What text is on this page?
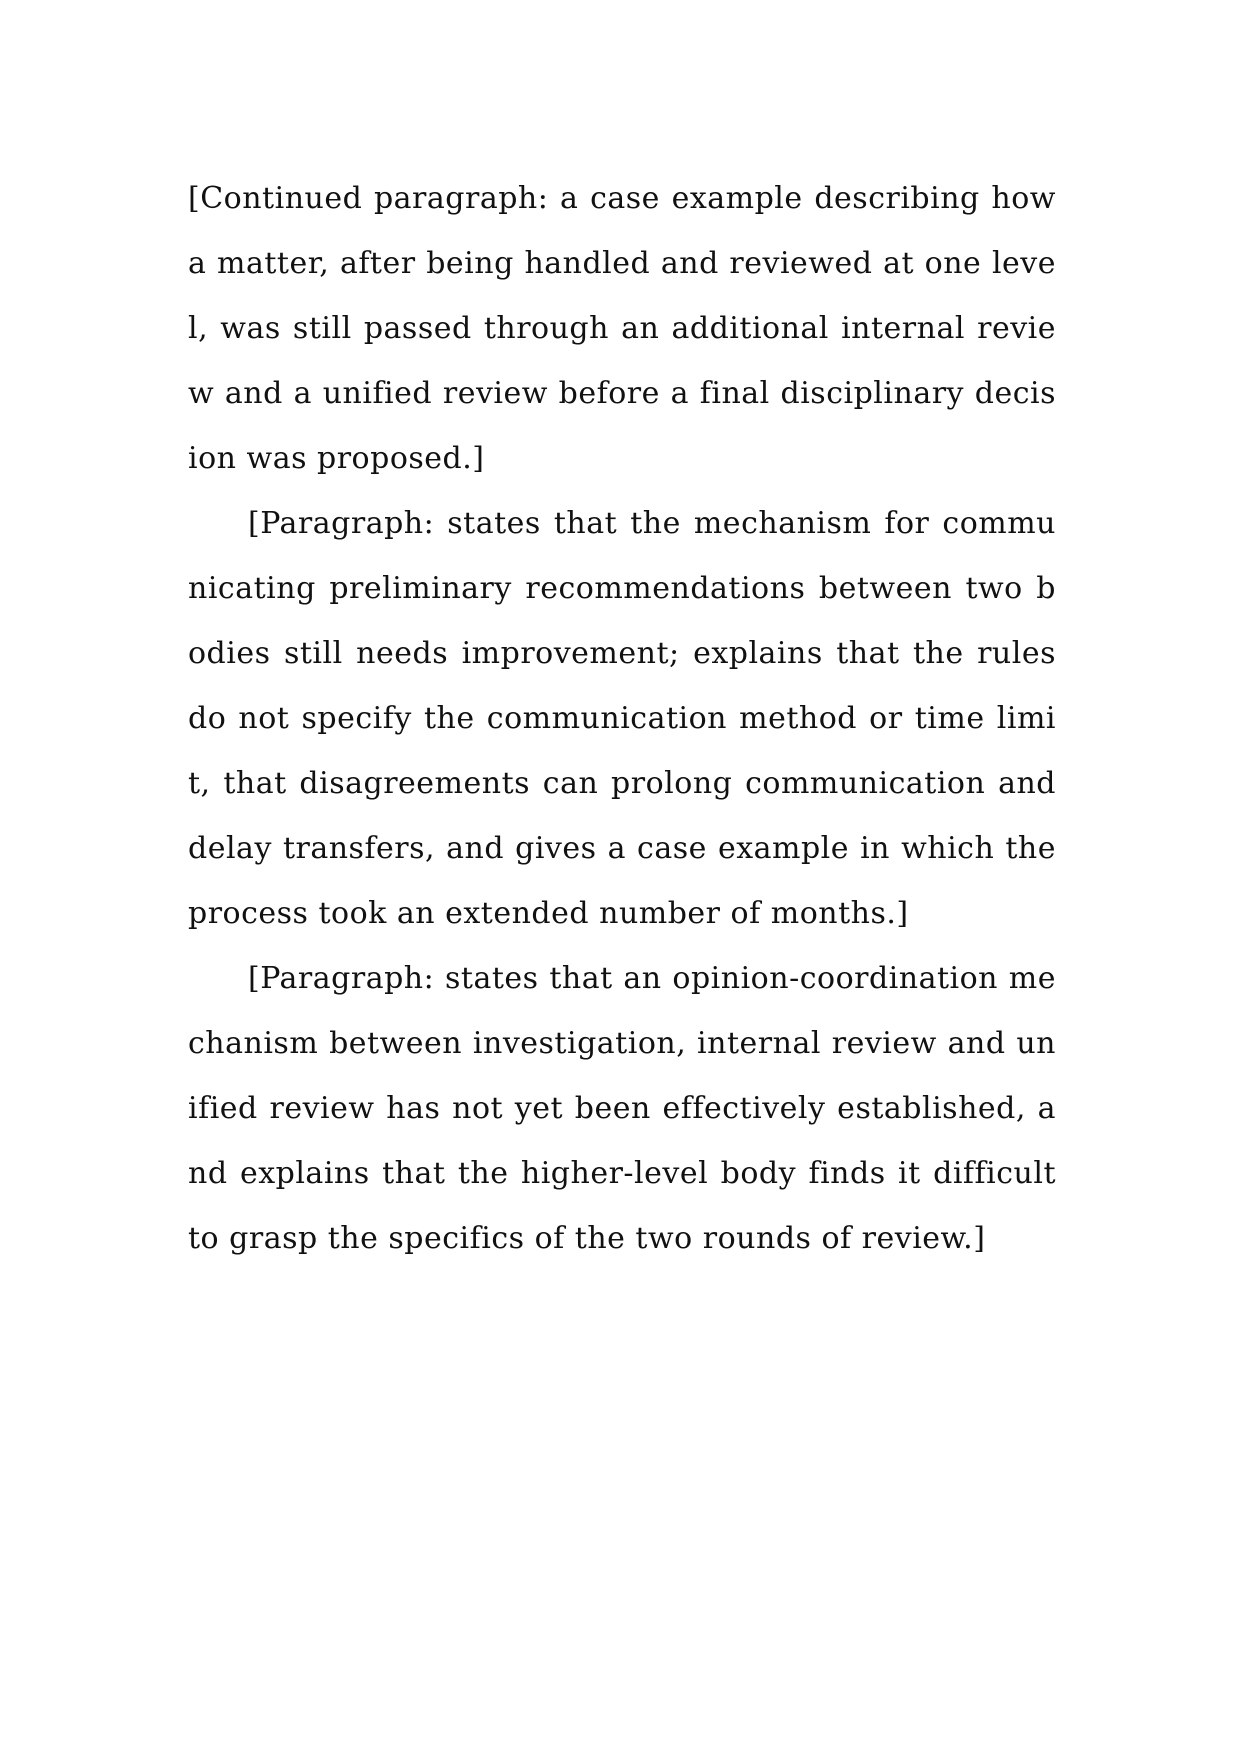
[Continued paragraph: a case example describing how a matter, after being handled and reviewed at one level, was still passed through an additional internal review and a unified review before a final disciplinary decision was proposed.]

[Paragraph: states that the mechanism for communicating preliminary recommendations between two bodies still needs improvement; explains that the rules do not specify the communication method or time limit, that disagreements can prolong communication and delay transfers, and gives a case example in which the process took an extended number of months.]

[Paragraph: states that an opinion-coordination mechanism between investigation, internal review and unified review has not yet been effectively established, and explains that the higher-level body finds it difficult to grasp the specifics of the two rounds of review.]
